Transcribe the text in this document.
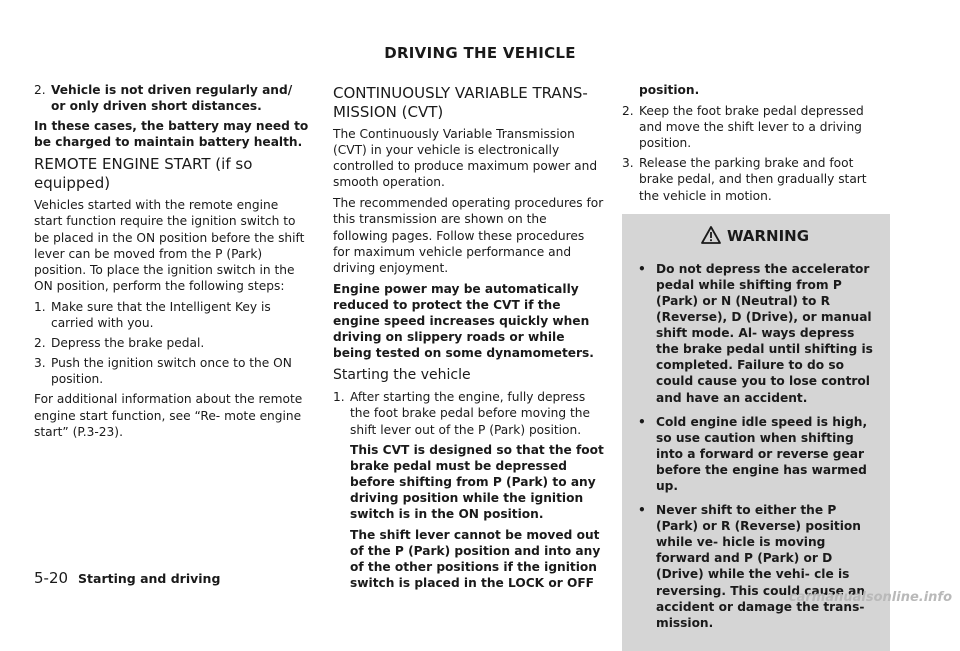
DRIVING THE VEHICLE
2. Vehicle is not driven regularly and/ or only driven short distances.

In these cases, the battery may need to be charged to maintain battery health.

REMOTE ENGINE START (if so equipped)

Vehicles started with the remote engine start function require the ignition switch to be placed in the ON position before the shift lever can be moved from the P (Park) position. To place the ignition switch in the ON position, perform the following steps:

1. Make sure that the Intelligent Key is carried with you.
2. Depress the brake pedal.
3. Push the ignition switch once to the ON position.

For additional information about the remote engine start function, see “Re- mote engine start” (P.3-23).

CONTINUOUSLY VARIABLE TRANS- MISSION (CVT)

The Continuously Variable Transmission (CVT) in your vehicle is electronically controlled to produce maximum power and smooth operation.

The recommended operating procedures for this transmission are shown on the following pages. Follow these procedures for maximum vehicle performance and driving enjoyment.

Engine power may be automatically reduced to protect the CVT if the engine speed increases quickly when driving on slippery roads or while being tested on some dynamometers.

Starting the vehicle
1. After starting the engine, fully depress the foot brake pedal before moving the shift lever out of the P (Park) position.

This CVT is designed so that the foot brake pedal must be depressed before shifting from P (Park) to any driving position while the ignition switch is in the ON position.

The shift lever cannot be moved out of the P (Park) position and into any of the other positions if the ignition switch is placed in the LOCK or OFF

position.

2. Keep the foot brake pedal depressed and move the shift lever to a driving position.
3. Release the parking brake and foot brake pedal, and then gradually start the vehicle in motion.
WARNING
• Do not depress the accelerator pedal while shifting from P (Park) or N (Neutral) to R (Reverse), D (Drive), or manual shift mode. Al- ways depress the brake pedal until shifting is completed. Failure to do so could cause you to lose control and have an accident.
• Cold engine idle speed is high, so use caution when shifting into a forward or reverse gear before the engine has warmed up.
• Never shift to either the P (Park) or R (Reverse) position while ve- hicle is moving forward and P (Park) or D (Drive) while the vehi- cle is reversing. This could cause an accident or damage the trans- mission.
5-20 Starting and driving
carmanualsonline.info
